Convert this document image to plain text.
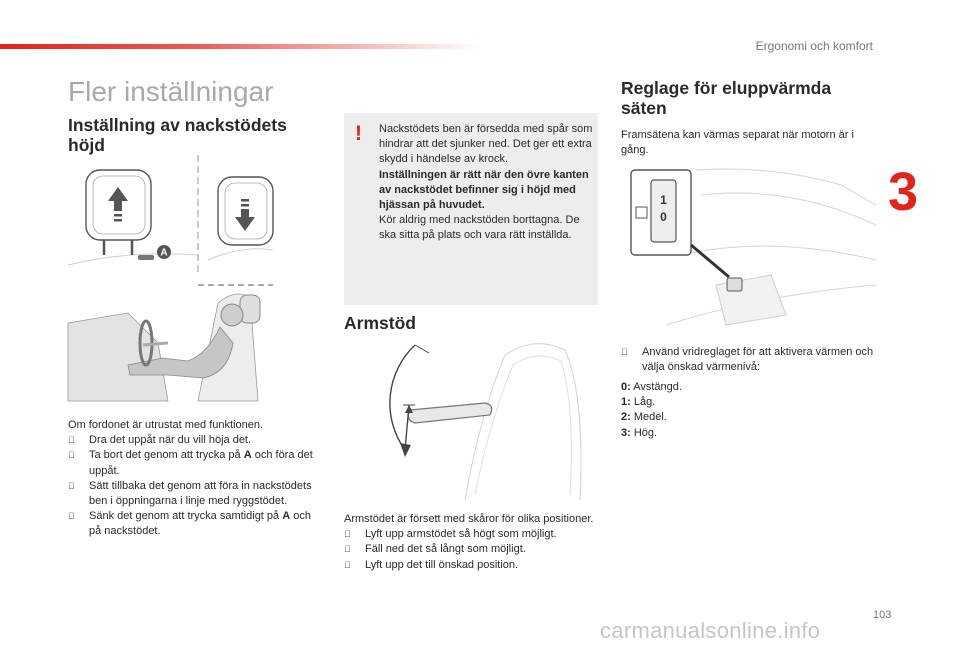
Ergonomi och komfort
3
Fler inställningar
Inställning av nackstödets
höjd
A
Om fordonet är utrustat med funktionen.
Dra det uppåt när du vill höja det.
Ta bort det genom att trycka på A och föra det uppåt.
Sätt tillbaka det genom att föra in nackstödets ben i öppningarna i linje med ryggstödet.
Sänk det genom att trycka samtidigt på A och på nackstödet.
! Nackstödets ben är försedda med spår som hindrar att det sjunker ned. Det ger ett extra skydd i händelse av krock.
Inställningen är rätt när den övre kanten av nackstödet befinner sig i höjd med hjässan på huvudet.
Kör aldrig med nackstöden borttagna. De ska sitta på plats och vara rätt inställda.
Armstöd
Armstödet är försett med skåror för olika positioner.
Lyft upp armstödet så högt som möjligt.
Fäll ned det så långt som möjligt.
Lyft upp det till önskad position.
Reglage för eluppvärmda
säten
Framsätena kan värmas separat när motorn är i gång.
1
0
Använd vridreglaget för att aktivera värmen och välja önskad värmenivå:
0: Avstängd.
1: Låg.
2: Medel.
3: Hög.
103
carmanualsonline.info
